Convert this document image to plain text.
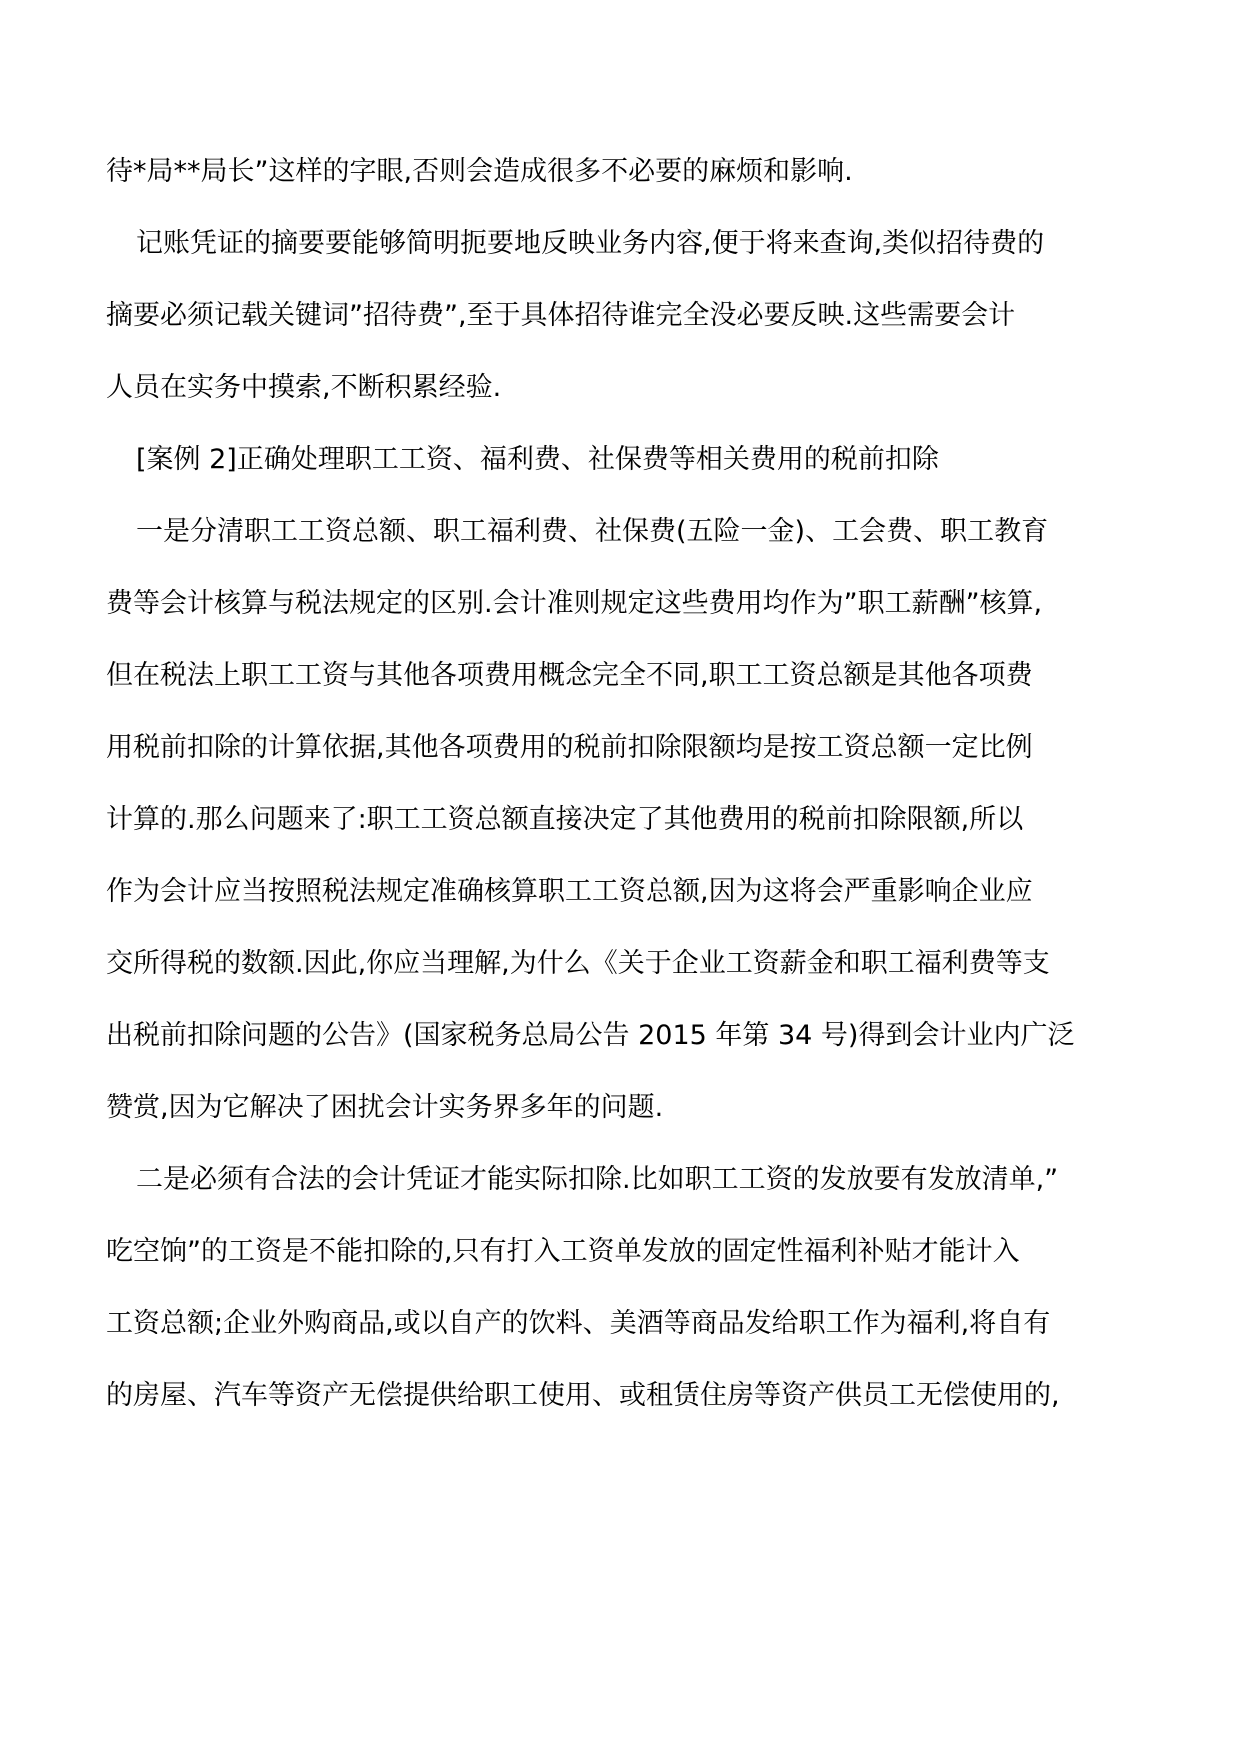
待*局**局长”这样的字眼,否则会造成很多不必要的麻烦和影响.
记账凭证的摘要要能够简明扼要地反映业务内容,便于将来查询,类似招待费的
摘要必须记载关键词”招待费”,至于具体招待谁完全没必要反映.这些需要会计
人员在实务中摸索,不断积累经验.
[案例 2]正确处理职工工资、福利费、社保费等相关费用的税前扣除
一是分清职工工资总额、职工福利费、社保费(五险一金)、工会费、职工教育
费等会计核算与税法规定的区别.会计准则规定这些费用均作为”职工薪酬”核算,
但在税法上职工工资与其他各项费用概念完全不同,职工工资总额是其他各项费
用税前扣除的计算依据,其他各项费用的税前扣除限额均是按工资总额一定比例
计算的.那么问题来了:职工工资总额直接决定了其他费用的税前扣除限额,所以
作为会计应当按照税法规定准确核算职工工资总额,因为这将会严重影响企业应
交所得税的数额.因此,你应当理解,为什么《关于企业工资薪金和职工福利费等支
出税前扣除问题的公告》(国家税务总局公告 2015 年第 34 号)得到会计业内广泛
赞赏,因为它解决了困扰会计实务界多年的问题.
二是必须有合法的会计凭证才能实际扣除.比如职工工资的发放要有发放清单,”
吃空饷”的工资是不能扣除的,只有打入工资单发放的固定性福利补贴才能计入
工资总额;企业外购商品,或以自产的饮料、美酒等商品发给职工作为福利,将自有
的房屋、汽车等资产无偿提供给职工使用、或租赁住房等资产供员工无偿使用的,
